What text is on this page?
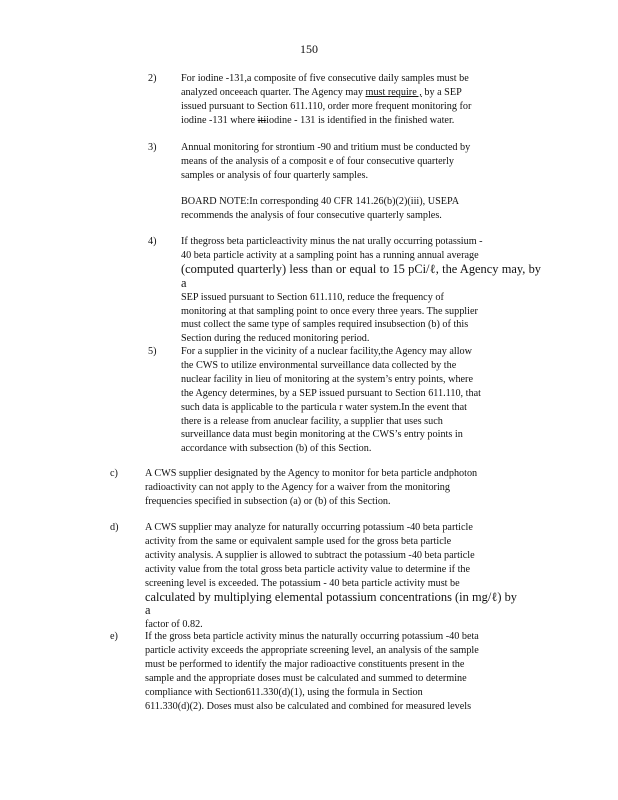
150
2) For iodine -131,a composite of five consecutive daily samples must be
analyzed onceeach quarter. The Agency may must require , by a SEP
issued pursuant to Section 611.110, order more frequent monitoring for
iodine -131 where itiiodine - 131 is identified in the finished water.
3) Annual monitoring for strontium -90 and tritium must be conducted by
means of the analysis of a composit e of four consecutive quarterly
samples or analysis of four quarterly samples.
BOARD NOTE:In corresponding 40 CFR 141.26(b)(2)(iii), USEPA
recommends the analysis of four consecutive quarterly samples.
4) If thegross beta particleactivity minus the nat urally occurring potassium -
40 beta particle activity at a sampling point has a running annual average
(computed quarterly) less than or equal to 15 pCi/ℓ, the Agency may, by a
SEP issued pursuant to Section 611.110, reduce the frequency of
monitoring at that sampling point to once every three years. The supplier
must collect the same type of samples required insubsection (b) of this
Section during the reduced monitoring period.
5) For a supplier in the vicinity of a nuclear facility,the Agency may allow
the CWS to utilize environmental surveillance data collected by the
nuclear facility in lieu of monitoring at the system’s entry points, where
the Agency determines, by a SEP issued pursuant to Section 611.110, that
such data is applicable to the particula r water system.In the event that
there is a release from anuclear facility, a supplier that uses such
surveillance data must begin monitoring at the CWS’s entry points in
accordance with subsection (b) of this Section.
c)	A CWS supplier designated by the Agency to monitor for beta particle andphoton
radioactivity can not apply to the Agency for a waiver from the monitoring
frequencies specified in subsection (a) or (b) of this Section.
d)	A CWS supplier may analyze for naturally occurring potassium -40 beta particle
activity from the same or equivalent sample used for the gross beta particle
activity analysis. A supplier is allowed to subtract the potassium -40 beta particle
activity value from the total gross beta particle activity value to determine if the
screening level is exceeded. The potassium - 40 beta particle activity must be
calculated by multiplying elemental potassium concentrations (in mg/ℓ) by a
factor of 0.82.
e)	If the gross beta particle activity minus the naturally occurring potassium -40 beta
particle activity exceeds the appropriate screening level, an analysis of the sample
must be performed to identify the major radioactive constituents present in the
sample and the appropriate doses must be calculated and summed to determine
compliance with Section611.330(d)(1), using the formula in Section
611.330(d)(2). Doses must also be calculated and combined for measured levels
